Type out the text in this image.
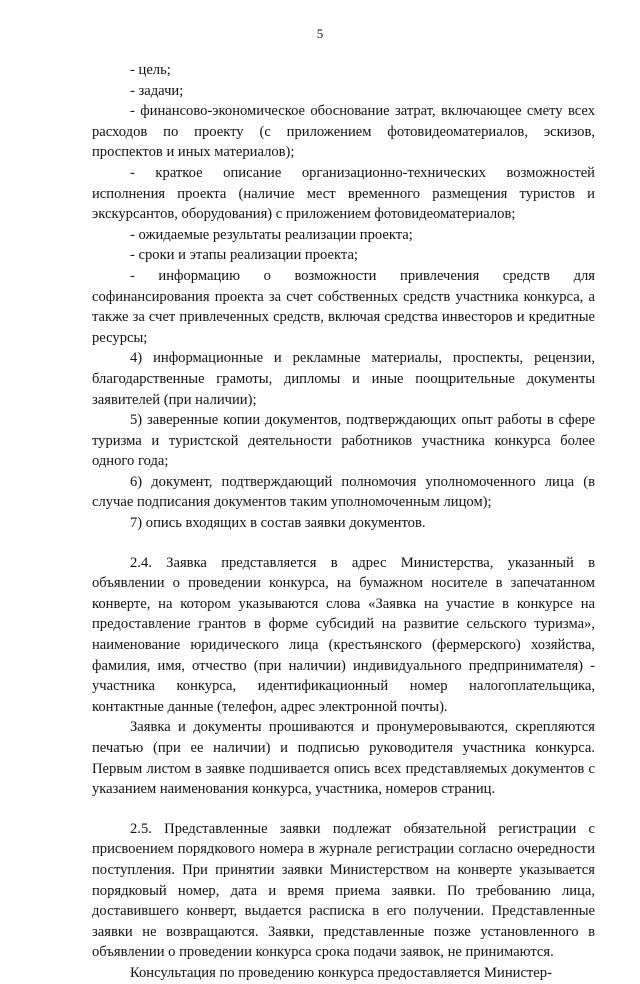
5

- цель;

- задачи;

- финансово-экономическое обоснование затрат, включающее смету всех расходов по проекту (с приложением фотовидеоматериалов, эскизов, проспектов и иных материалов);

- краткое описание организационно-технических возможностей исполнения проекта (наличие мест временного размещения туристов и экскурсантов, оборудования) с приложением фотовидеоматериалов;

- ожидаемые результаты реализации проекта;

- сроки и этапы реализации проекта;

- информацию о возможности привлечения средств для софинансирования проекта за счет собственных средств участника конкурса, а также за счет привлеченных средств, включая средства инвесторов и кредитные ресурсы;

4) информационные и рекламные материалы, проспекты, рецензии, благодарственные грамоты, дипломы и иные поощрительные документы заявителей (при наличии);

5) заверенные копии документов, подтверждающих опыт работы в сфере туризма и туристской деятельности работников участника конкурса более одного года;

6) документ, подтверждающий полномочия уполномоченного лица (в случае подписания документов таким уполномоченным лицом);

7) опись входящих в состав заявки документов.

2.4. Заявка представляется в адрес Министерства, указанный в объявлении о проведении конкурса, на бумажном носителе в запечатанном конверте, на котором указываются слова «Заявка на участие в конкурсе на предоставление грантов в форме субсидий на развитие сельского туризма», наименование юридического лица (крестьянского (фермерского) хозяйства, фамилия, имя, отчество (при наличии) индивидуального предпринимателя) - участника конкурса, идентификационный номер налогоплательщика, контактные данные (телефон, адрес электронной почты).

Заявка и документы прошиваются и пронумеровываются, скрепляются печатью (при ее наличии) и подписью руководителя участника конкурса. Первым листом в заявке подшивается опись всех представляемых документов с указанием наименования конкурса, участника, номеров страниц.

2.5. Представленные заявки подлежат обязательной регистрации с присвоением порядкового номера в журнале регистрации согласно очередности поступления. При принятии заявки Министерством на конверте указывается порядковый номер, дата и время приема заявки. По требованию лица, доставившего конверт, выдается расписка в его получении. Представленные заявки не возвращаются. Заявки, представленные позже установленного в объявлении о проведении конкурса срока подачи заявок, не принимаются.

Консультация по проведению конкурса предоставляется Министер-
